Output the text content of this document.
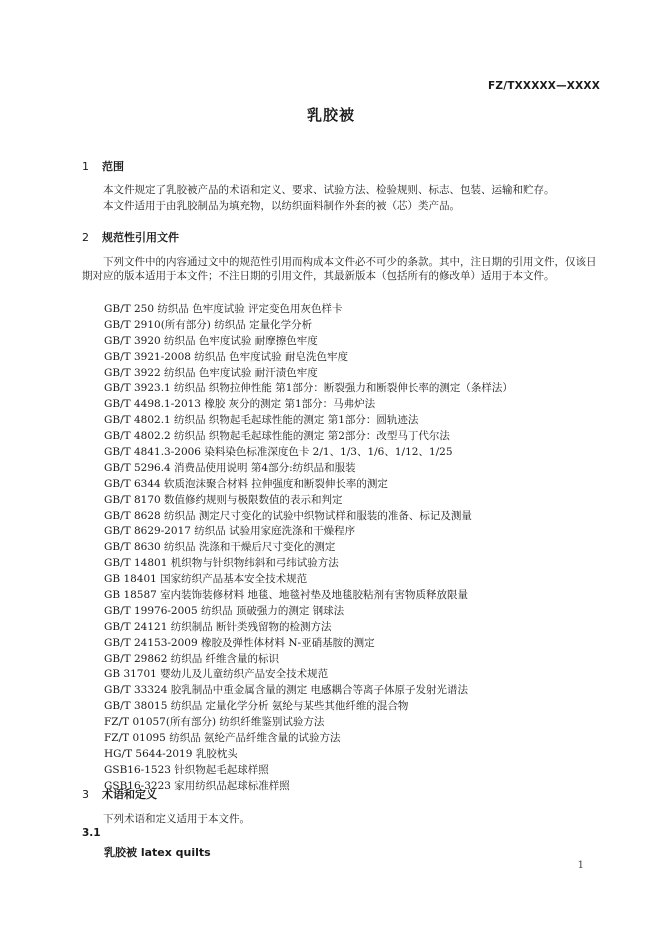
FZ/TXXXXX—XXXX
乳胶被
1 范围
本文件规定了乳胶被产品的术语和定义、要求、试验方法、检验规则、标志、包装、运输和贮存。
本文件适用于由乳胶制品为填充物，以纺织面料制作外套的被（芯）类产品。
2 规范性引用文件
下列文件中的内容通过文中的规范性引用而构成本文件必不可少的条款。其中，注日期的引用文件，仅该日期对应的版本适用于本文件；不注日期的引用文件，其最新版本（包括所有的修改单）适用于本文件。
GB/T 250 纺织品 色牢度试验 评定变色用灰色样卡
GB/T 2910(所有部分) 纺织品 定量化学分析
GB/T 3920 纺织品 色牢度试验 耐摩擦色牢度
GB/T 3921-2008 纺织品 色牢度试验 耐皂洗色牢度
GB/T 3922 纺织品 色牢度试验 耐汗渍色牢度
GB/T 3923.1 纺织品 织物拉伸性能 第1部分：断裂强力和断裂伸长率的测定（条样法）
GB/T 4498.1-2013 橡胶 灰分的测定 第1部分：马弗炉法
GB/T 4802.1 纺织品 织物起毛起球性能的测定 第1部分：圆轨迹法
GB/T 4802.2 纺织品 织物起毛起球性能的测定 第2部分：改型马丁代尔法
GB/T 4841.3-2006 染料染色标准深度色卡 2/1、1/3、1/6、1/12、1/25
GB/T 5296.4 消费品使用说明 第4部分:纺织品和服装
GB/T 6344 软质泡沫聚合材料 拉伸强度和断裂伸长率的测定
GB/T 8170 数值修约规则与极限数值的表示和判定
GB/T 8628 纺织品 测定尺寸变化的试验中织物试样和服装的准备、标记及测量
GB/T 8629-2017 纺织品 试验用家庭洗涤和干燥程序
GB/T 8630 纺织品 洗涤和干燥后尺寸变化的测定
GB/T 14801 机织物与针织物纬斜和弓纬试验方法
GB 18401 国家纺织产品基本安全技术规范
GB 18587 室内装饰装修材料 地毯、地毯衬垫及地毯胶粘剂有害物质释放限量
GB/T 19976-2005 纺织品 顶破强力的测定 钢球法
GB/T 24121 纺织制品 断针类残留物的检测方法
GB/T 24153-2009 橡胶及弹性体材料 N-亚硝基胺的测定
GB/T 29862 纺织品 纤维含量的标识
GB 31701 婴幼儿及儿童纺织产品安全技术规范
GB/T 33324 胶乳制品中重金属含量的测定 电感耦合等离子体原子发射光谱法
GB/T 38015 纺织品 定量化学分析 氨纶与某些其他纤维的混合物
FZ/T 01057(所有部分) 纺织纤维鉴别试验方法
FZ/T 01095 纺织品 氨纶产品纤维含量的试验方法
HG/T 5644-2019 乳胶枕头
GSB16-1523 针织物起毛起球样照
GSB16-3223 家用纺织品起球标准样照
3 术语和定义
下列术语和定义适用于本文件。
3.1
乳胶被 latex quilts
1
